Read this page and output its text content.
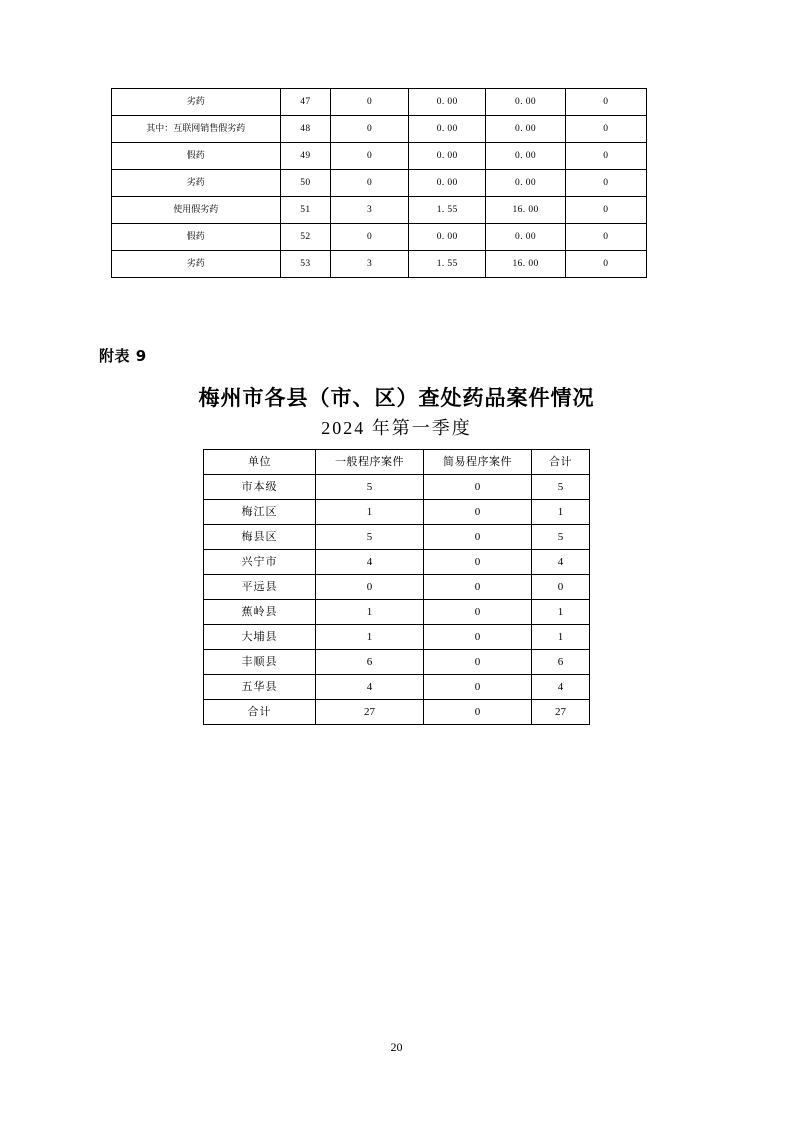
劣药	47	0	0. 00	0. 00	0
其中：互联网销售假劣药	48	0	0. 00	0. 00	0
假药	49	0	0. 00	0. 00	0
劣药	50	0	0. 00	0. 00	0
使用假劣药	51	3	1. 55	16. 00	0
假药	52	0	0. 00	0. 00	0
劣药	53	3	1. 55	16. 00	0
附表 9
梅州市各县（市、区）查处药品案件情况
2024 年第一季度
单位	一般程序案件	简易程序案件	合计
市本级	5	0	5
梅江区	1	0	1
梅县区	5	0	5
兴宁市	4	0	4
平远县	0	0	0
蕉岭县	1	0	1
大埔县	1	0	1
丰顺县	6	0	6
五华县	4	0	4
合计	27	0	27
20
